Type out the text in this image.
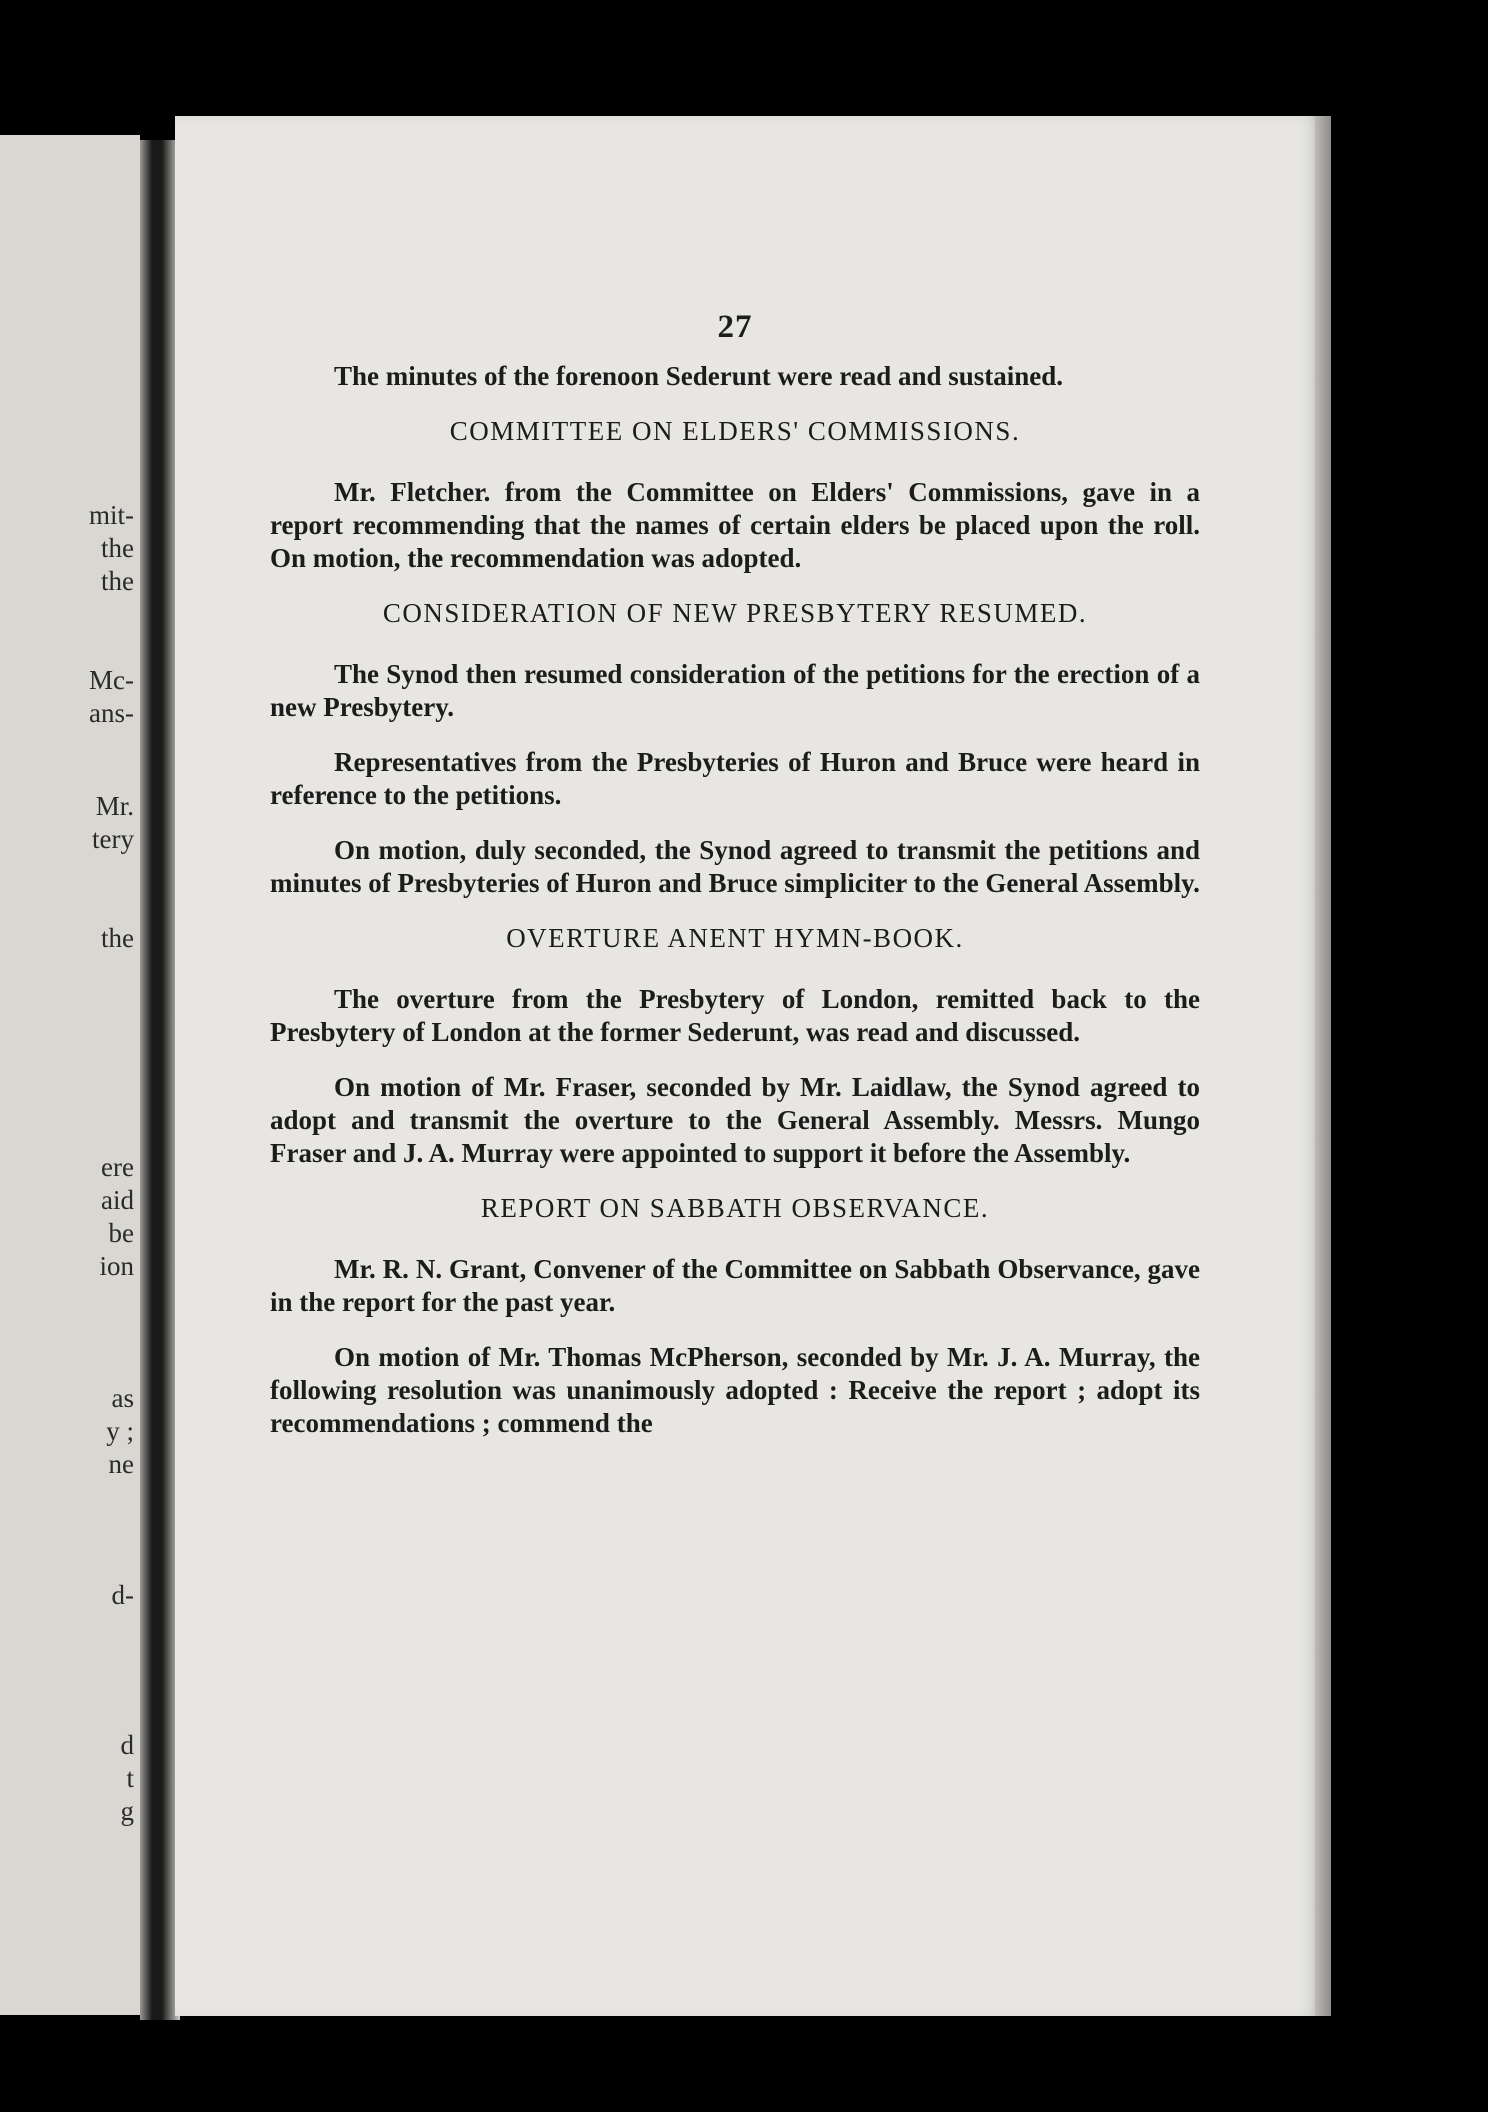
mit-
the
the
Mc-
ans-
Mr.
tery
the
ere
aid
be
ion
as
y ;
ne
d-
d
t
g
27

The minutes of the forenoon Sederunt were read and sustained.

COMMITTEE ON ELDERS' COMMISSIONS.

Mr. Fletcher. from the Committee on Elders' Commissions, gave in a report recommending that the names of certain elders be placed upon the roll. On motion, the recommendation was adopted.

CONSIDERATION OF NEW PRESBYTERY RESUMED.

The Synod then resumed consideration of the petitions for the erection of a new Presbytery.

Representatives from the Presbyteries of Huron and Bruce were heard in reference to the petitions.

On motion, duly seconded, the Synod agreed to transmit the petitions and minutes of Presbyteries of Huron and Bruce simpliciter to the General Assembly.

OVERTURE ANENT HYMN-BOOK.

The overture from the Presbytery of London, remitted back to the Presbytery of London at the former Sederunt, was read and discussed.

On motion of Mr. Fraser, seconded by Mr. Laidlaw, the Synod agreed to adopt and transmit the overture to the General Assembly. Messrs. Mungo Fraser and J. A. Murray were appointed to support it before the Assembly.

REPORT ON SABBATH OBSERVANCE.

Mr. R. N. Grant, Convener of the Committee on Sabbath Observance, gave in the report for the past year.

On motion of Mr. Thomas McPherson, seconded by Mr. J. A. Murray, the following resolution was unanimously adopted : Receive the report ; adopt its recommendations ; commend the
